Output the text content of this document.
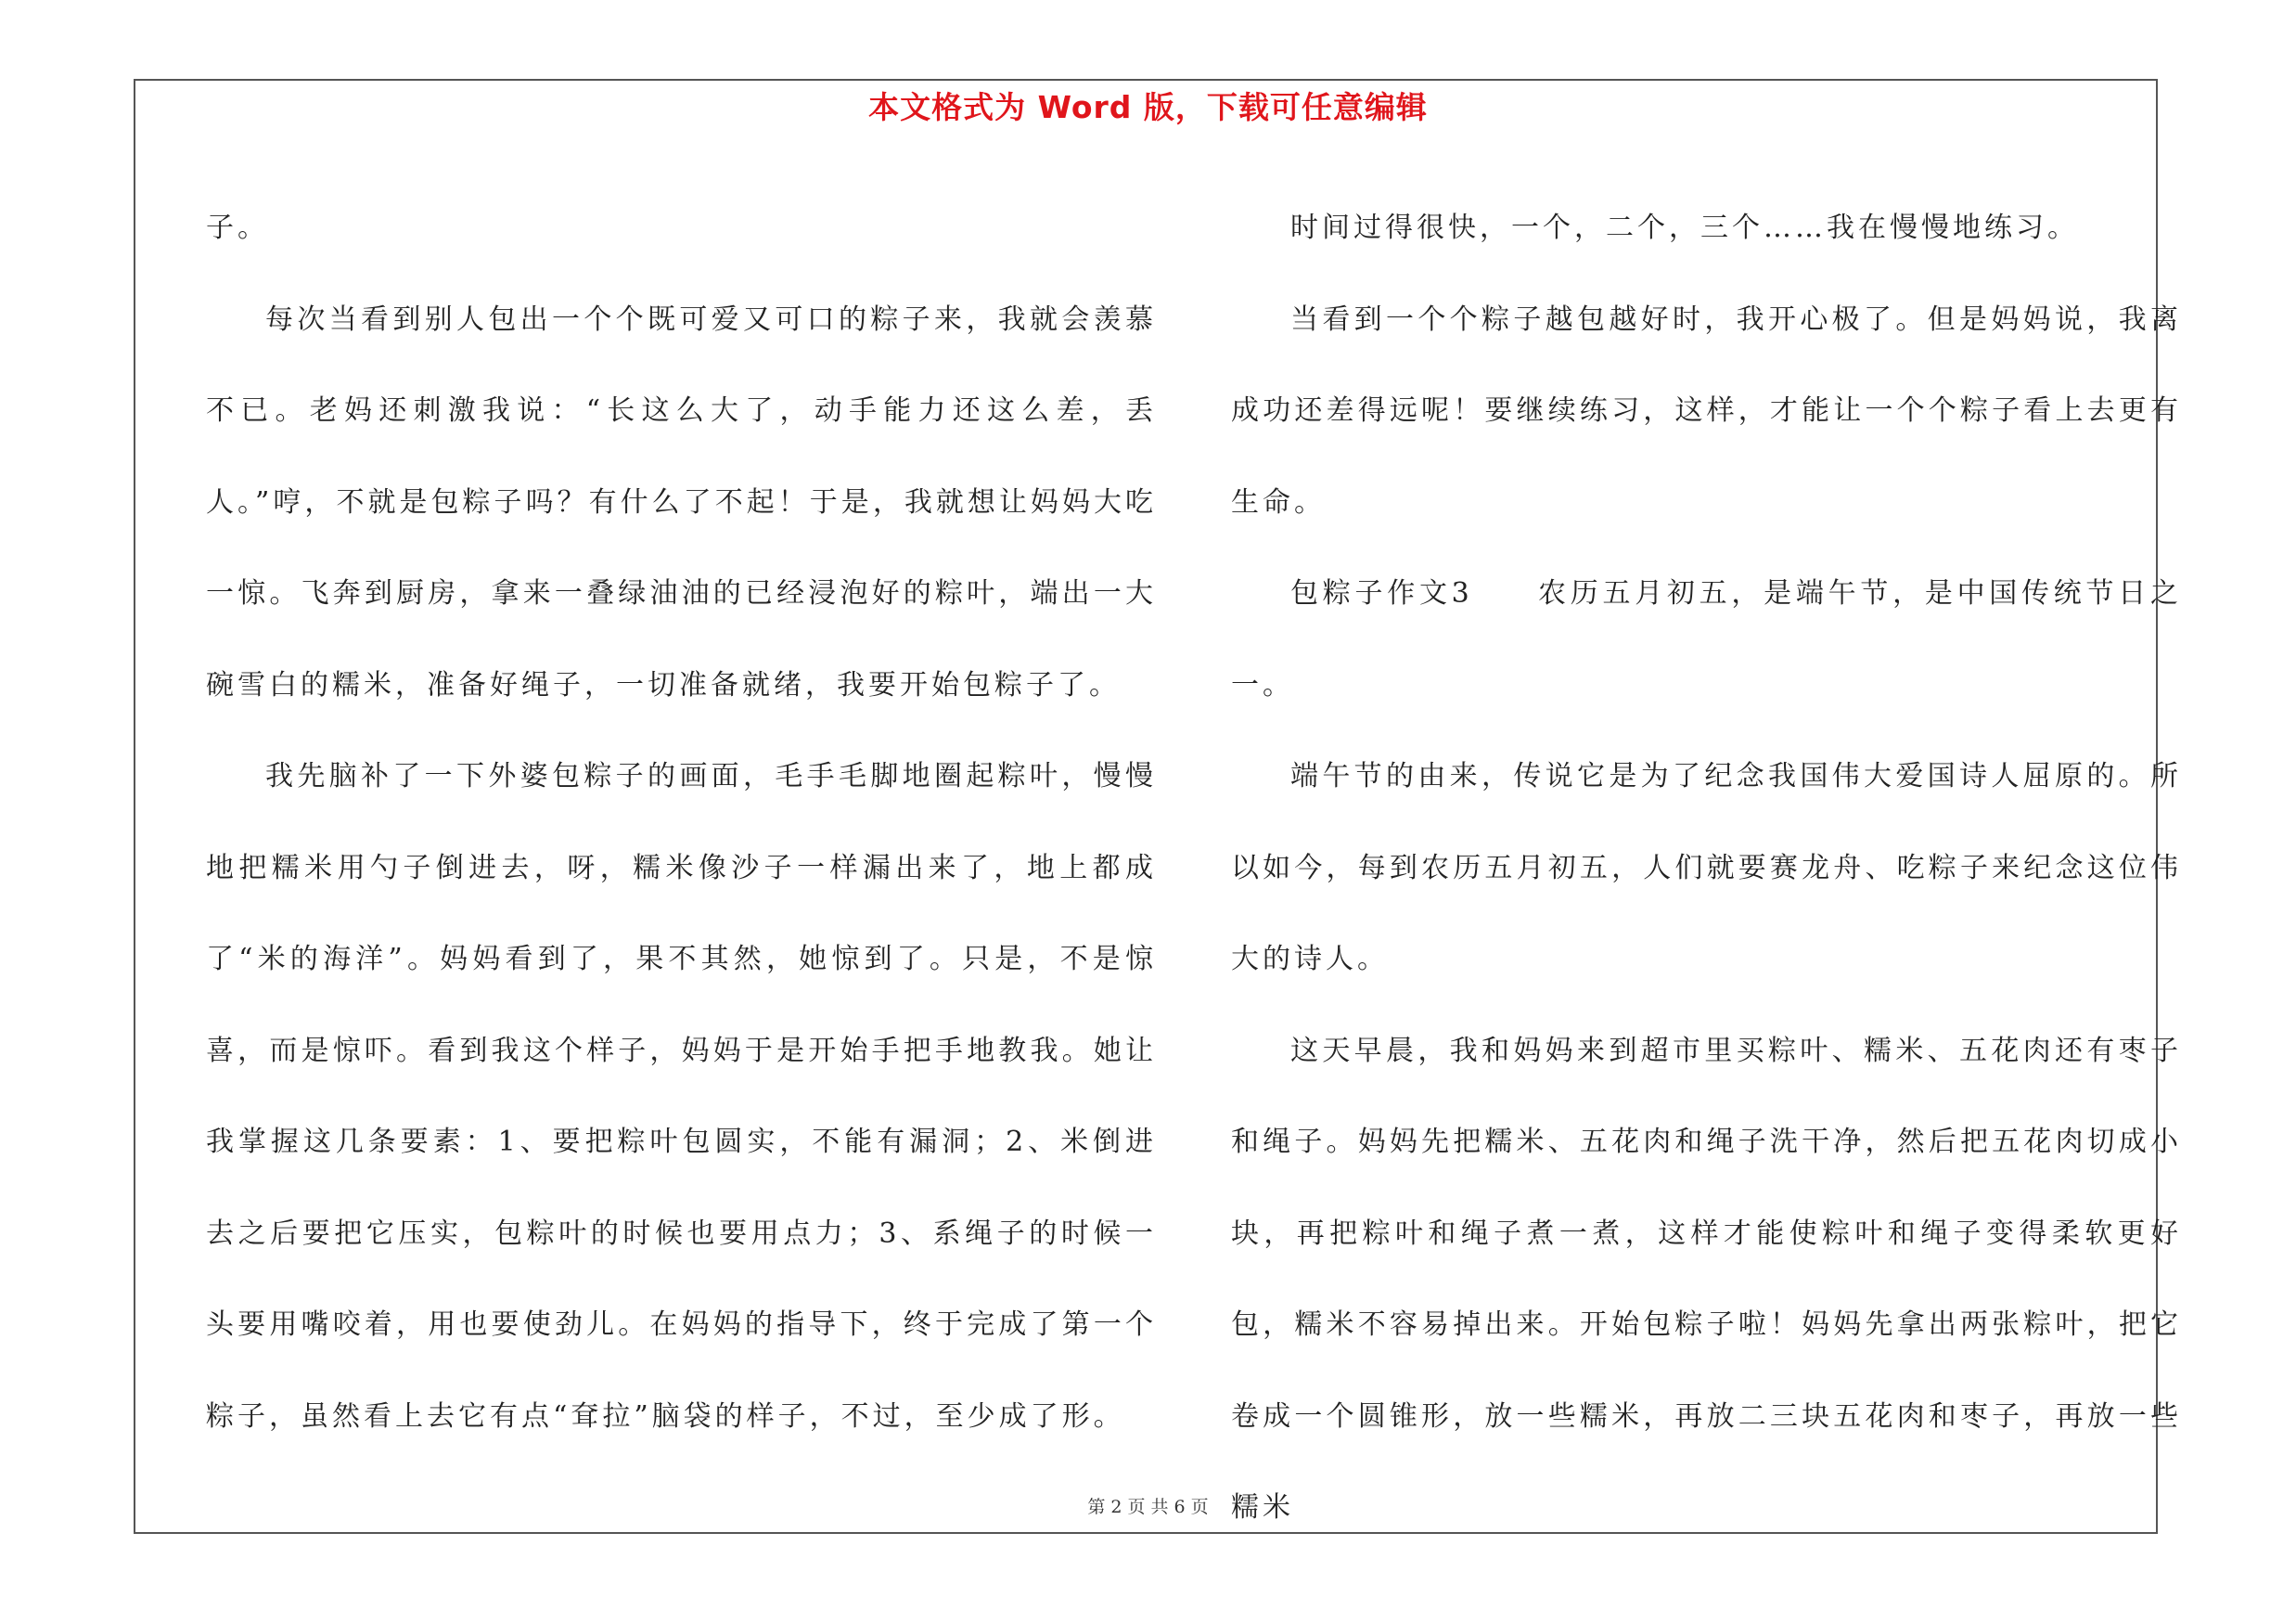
本文格式为 Word 版，下载可任意编辑

子。

每次当看到别人包出一个个既可爱又可口的粽子来，我就会羡慕不已。老妈还刺激我说：“长这么大了，动手能力还这么差，丢人。”哼，不就是包粽子吗？有什么了不起！于是，我就想让妈妈大吃一惊。飞奔到厨房，拿来一叠绿油油的已经浸泡好的粽叶，端出一大碗雪白的糯米，准备好绳子，一切准备就绪，我要开始包粽子了。

我先脑补了一下外婆包粽子的画面，毛手毛脚地圈起粽叶，慢慢地把糯米用勺子倒进去，呀，糯米像沙子一样漏出来了，地上都成了“米的海洋”。妈妈看到了，果不其然，她惊到了。只是，不是惊喜，而是惊吓。看到我这个样子，妈妈于是开始手把手地教我。她让我掌握这几条要素：1、要把粽叶包圆实，不能有漏洞；2、米倒进去之后要把它压实，包粽叶的时候也要用点力；3、系绳子的时候一头要用嘴咬着，用也要使劲儿。在妈妈的指导下，终于完成了第一个粽子，虽然看上去它有点“耷拉”脑袋的样子，不过，至少成了形。

时间过得很快，一个，二个，三个……我在慢慢地练习。

当看到一个个粽子越包越好时，我开心极了。但是妈妈说，我离成功还差得远呢！要继续练习，这样，才能让一个个粽子看上去更有生命。

包粽子作文3　　农历五月初五，是端午节，是中国传统节日之一。

端午节的由来，传说它是为了纪念我国伟大爱国诗人屈原的。所以如今，每到农历五月初五，人们就要赛龙舟、吃粽子来纪念这位伟大的诗人。

这天早晨，我和妈妈来到超市里买粽叶、糯米、五花肉还有枣子和绳子。妈妈先把糯米、五花肉和绳子洗干净，然后把五花肉切成小块，再把粽叶和绳子煮一煮，这样才能使粽叶和绳子变得柔软更好包，糯米不容易掉出来。开始包粽子啦！妈妈先拿出两张粽叶，把它卷成一个圆锥形，放一些糯米，再放二三块五花肉和枣子，再放一些糯米

第 2 页 共 6 页
